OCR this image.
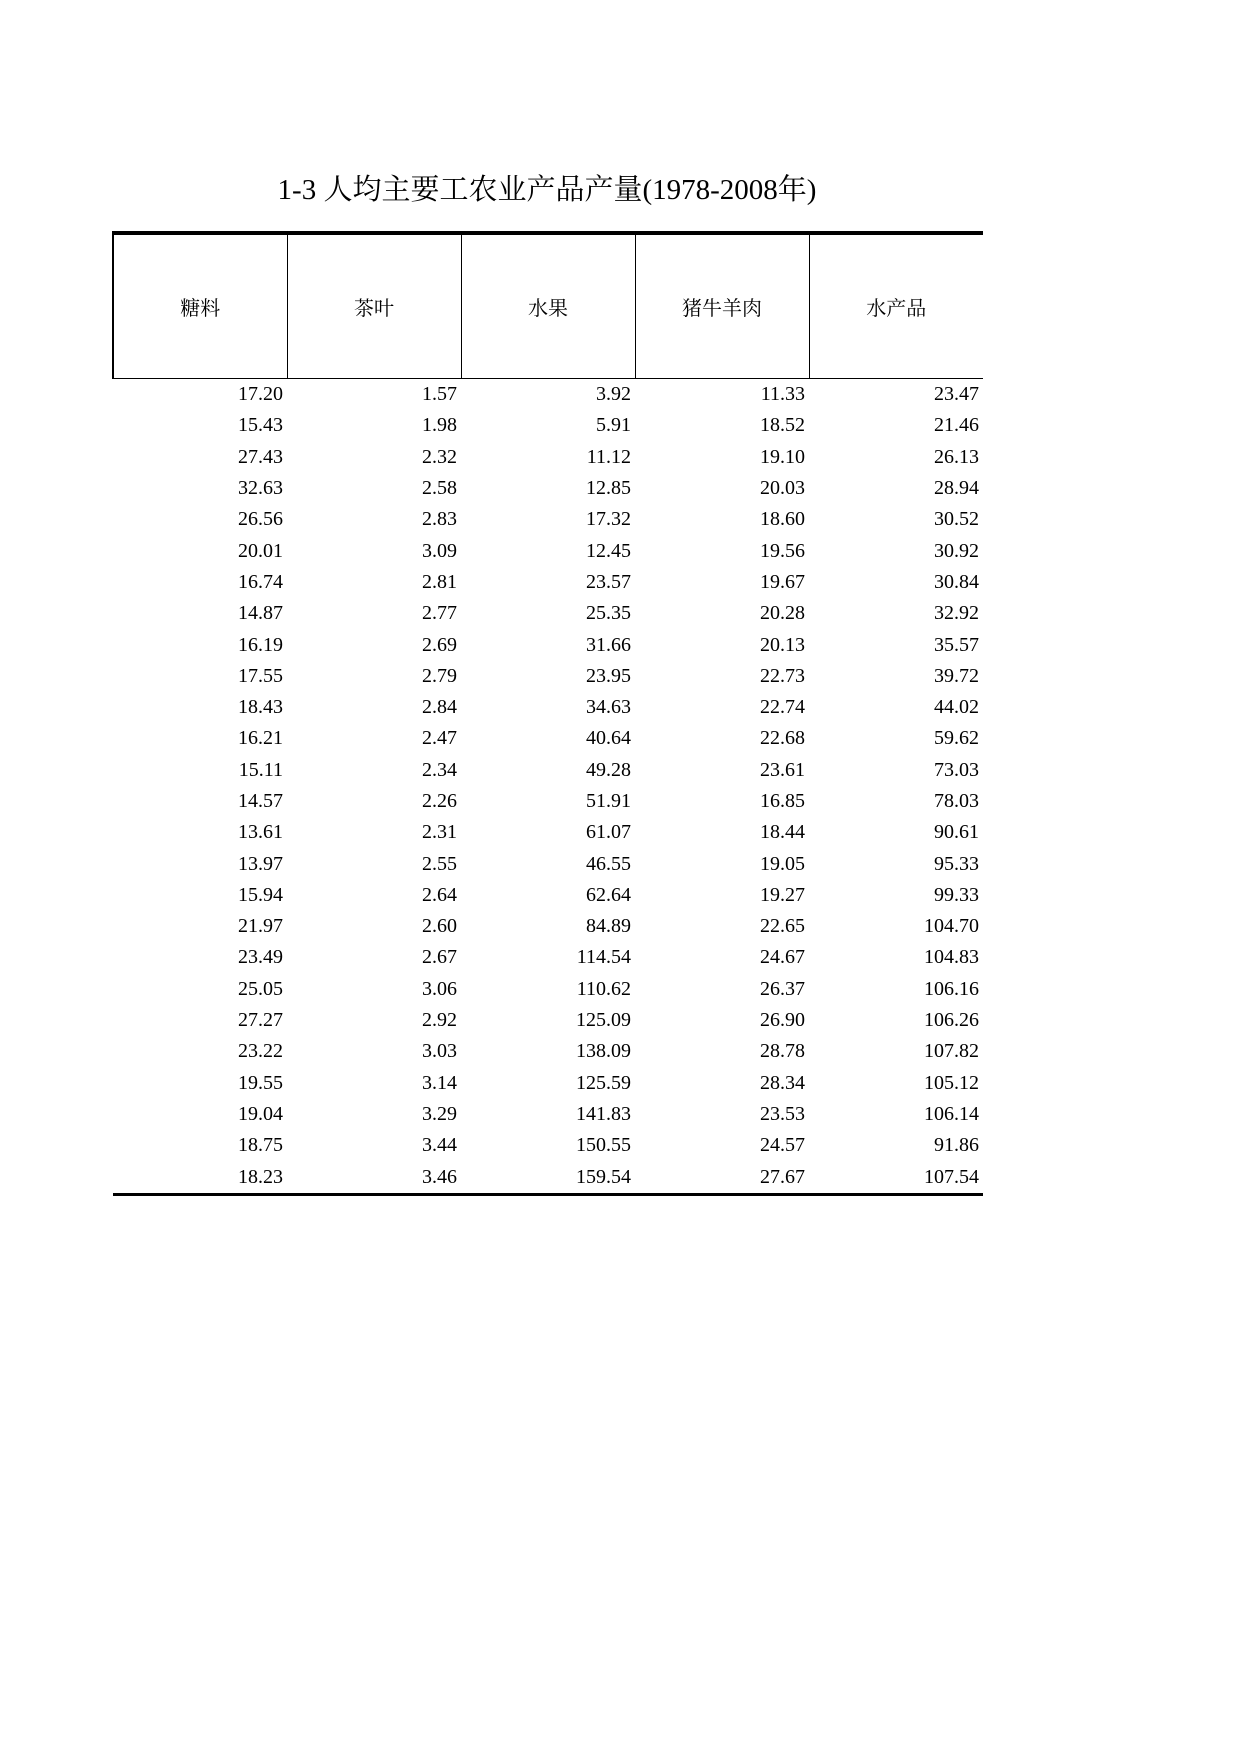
1-3 人均主要工农业产品产量(1978-2008年)
糖料	茶叶	水果	猪牛羊肉	水产品
17.20	1.57	3.92	11.33	23.47
15.43	1.98	5.91	18.52	21.46
27.43	2.32	11.12	19.10	26.13
32.63	2.58	12.85	20.03	28.94
26.56	2.83	17.32	18.60	30.52
20.01	3.09	12.45	19.56	30.92
16.74	2.81	23.57	19.67	30.84
14.87	2.77	25.35	20.28	32.92
16.19	2.69	31.66	20.13	35.57
17.55	2.79	23.95	22.73	39.72
18.43	2.84	34.63	22.74	44.02
16.21	2.47	40.64	22.68	59.62
15.11	2.34	49.28	23.61	73.03
14.57	2.26	51.91	16.85	78.03
13.61	2.31	61.07	18.44	90.61
13.97	2.55	46.55	19.05	95.33
15.94	2.64	62.64	19.27	99.33
21.97	2.60	84.89	22.65	104.70
23.49	2.67	114.54	24.67	104.83
25.05	3.06	110.62	26.37	106.16
27.27	2.92	125.09	26.90	106.26
23.22	3.03	138.09	28.78	107.82
19.55	3.14	125.59	28.34	105.12
19.04	3.29	141.83	23.53	106.14
18.75	3.44	150.55	24.57	91.86
18.23	3.46	159.54	27.67	107.54
